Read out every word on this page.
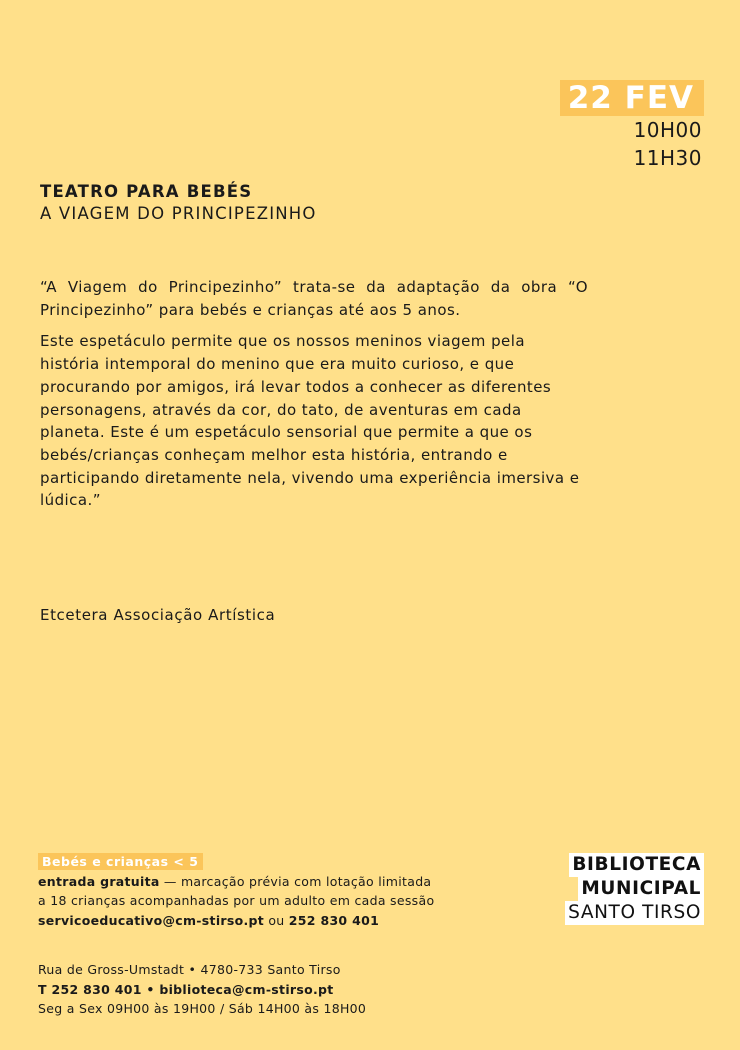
22 FEV
10H00
11H30
TEATRO PARA BEBÉS
A VIAGEM DO PRINCIPEZINHO

“A Viagem do Principezinho” trata-se da adaptação da obra “O Principezinho” para bebés e crianças até aos 5 anos.

Este espetáculo permite que os nossos meninos viagem pela história intemporal do menino que era muito curioso, e que procurando por amigos, irá levar todos a conhecer as diferentes personagens, através da cor, do tato, de aventuras em cada planeta. Este é um espetáculo sensorial que permite a que os bebés/crianças conheçam melhor esta história, entrando e participando diretamente nela, vivendo uma experiência imersiva e lúdica.”

Etcetera Associação Artística
Bebés e crianças < 5
entrada gratuita — marcação prévia com lotação limitada
a 18 crianças acompanhadas por um adulto em cada sessão
servicoeducativo@cm-stirso.pt ou 252 830 401
BIBLIOTECA
MUNICIPAL
SANTO TIRSO
Rua de Gross-Umstadt • 4780-733 Santo Tirso
T 252 830 401 • biblioteca@cm-stirso.pt
Seg a Sex 09H00 às 19H00 / Sáb 14H00 às 18H00
